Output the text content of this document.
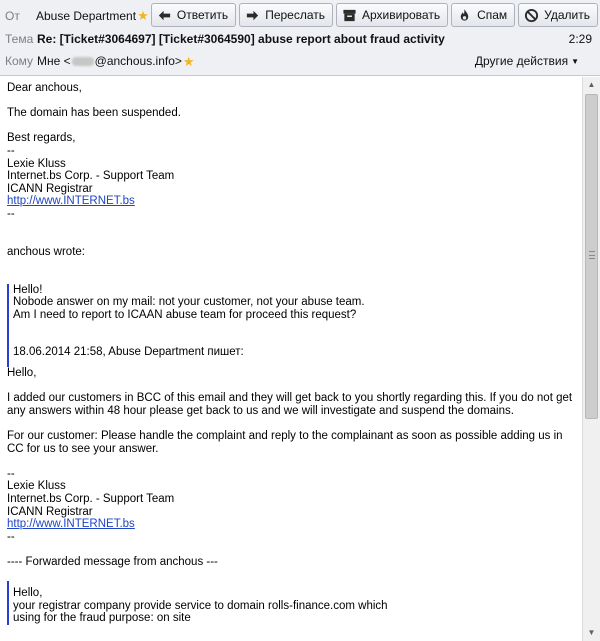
От	Abuse Department ★ Ответить	Переслать	Архивировать	Спам	Удалить
Тема Re: [Ticket#3064697] [Ticket#3064590] abuse report about fraud activity	2:29
Кому Мне < @anchous.info> ★	Другие действия ▼

Dear anchous,

The domain has been suspended.

Best regards,
--
Lexie Kluss
Internet.bs Corp. - Support Team
ICANN Registrar

http://www.INTERNET.bs

--

anchous wrote:

Hello!
Nobode answer on my mail: not your customer, not your abuse team.
Am I need to report to ICAAN abuse team for proceed this request?

18.06.2014 21:58, Abuse Department пишет:

Hello,

I added our customers in BCC of this email and they will get back to you shortly regarding this. If you do not get any answers within 48 hour please get back to us and we will investigate and suspend the domains.

For our customer: Please handle the complaint and reply to the complainant as soon as possible adding us in CC for us to see your answer.

--
Lexie Kluss
Internet.bs Corp. - Support Team
ICANN Registrar

http://www.INTERNET.bs

--

---- Forwarded message from anchous ---

Hello,
your registrar company provide service to domain rolls-finance.com which
using for the fraud purpose: on site

▲
▼
